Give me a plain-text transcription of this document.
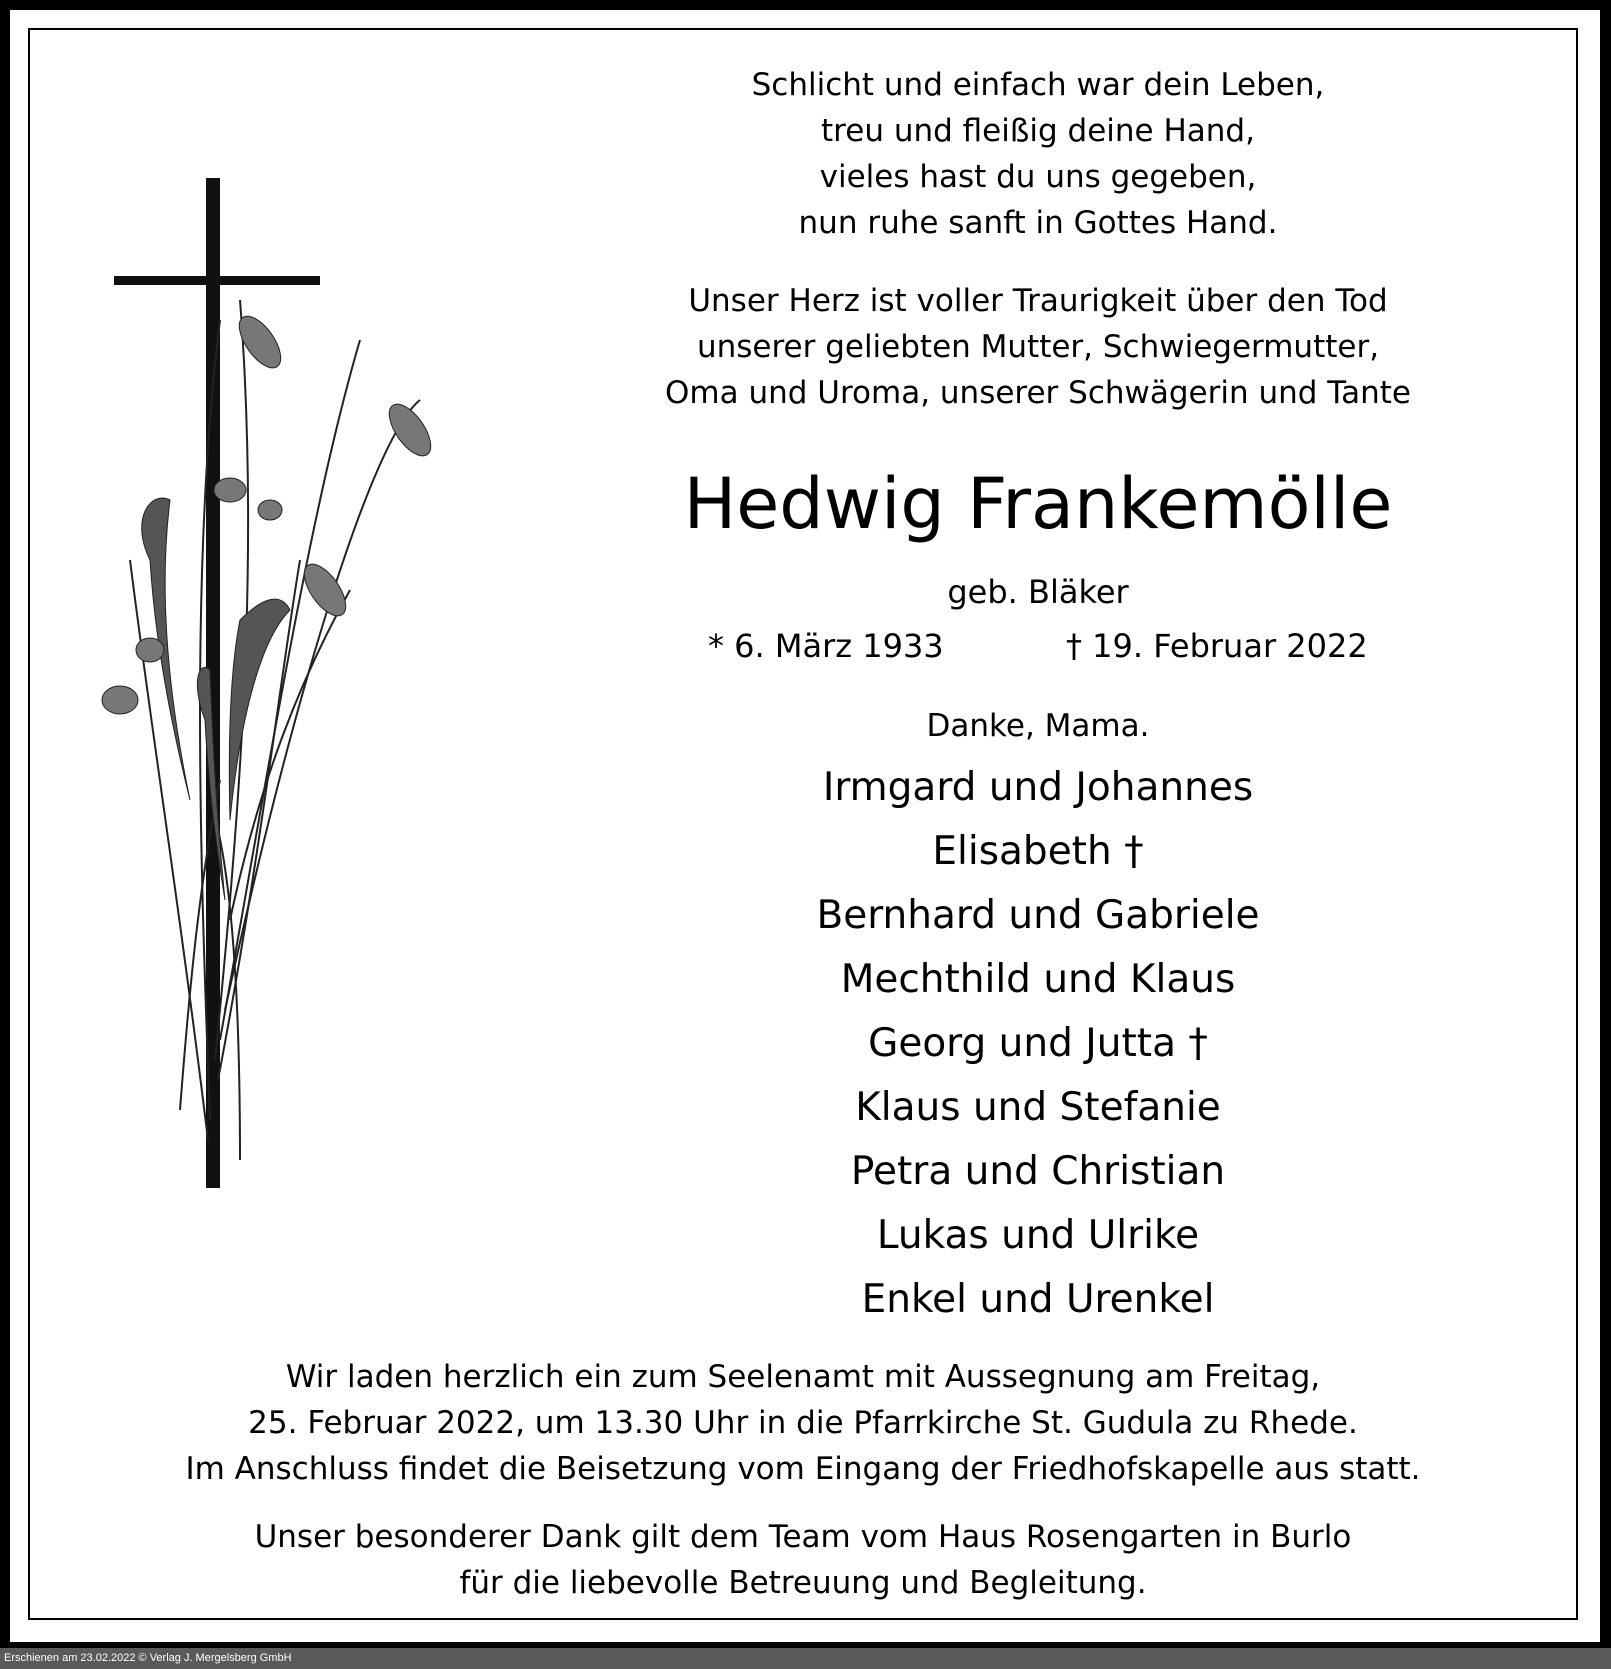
Schlicht und einfach war dein Leben,
treu und fleißig deine Hand,
vieles hast du uns gegeben,
nun ruhe sanft in Gottes Hand.
Unser Herz ist voller Traurigkeit über den Tod
unserer geliebten Mutter, Schwiegermutter,
Oma und Uroma, unserer Schwägerin und Tante
Hedwig Frankemölle
geb. Bläker
* 6. März 1933	† 19. Februar 2022
Danke, Mama.
Irmgard und Johannes
Elisabeth †
Bernhard und Gabriele
Mechthild und Klaus
Georg und Jutta †
Klaus und Stefanie
Petra und Christian
Lukas und Ulrike
Enkel und Urenkel
Wir laden herzlich ein zum Seelenamt mit Aussegnung am Freitag,
25. Februar 2022, um 13.30 Uhr in die Pfarrkirche St. Gudula zu Rhede.
Im Anschluss findet die Beisetzung vom Eingang der Friedhofskapelle aus statt.
Unser besonderer Dank gilt dem Team vom Haus Rosengarten in Burlo
für die liebevolle Betreuung und Begleitung.
Erschienen am 23.02.2022 © Verlag J. Mergelsberg GmbH
